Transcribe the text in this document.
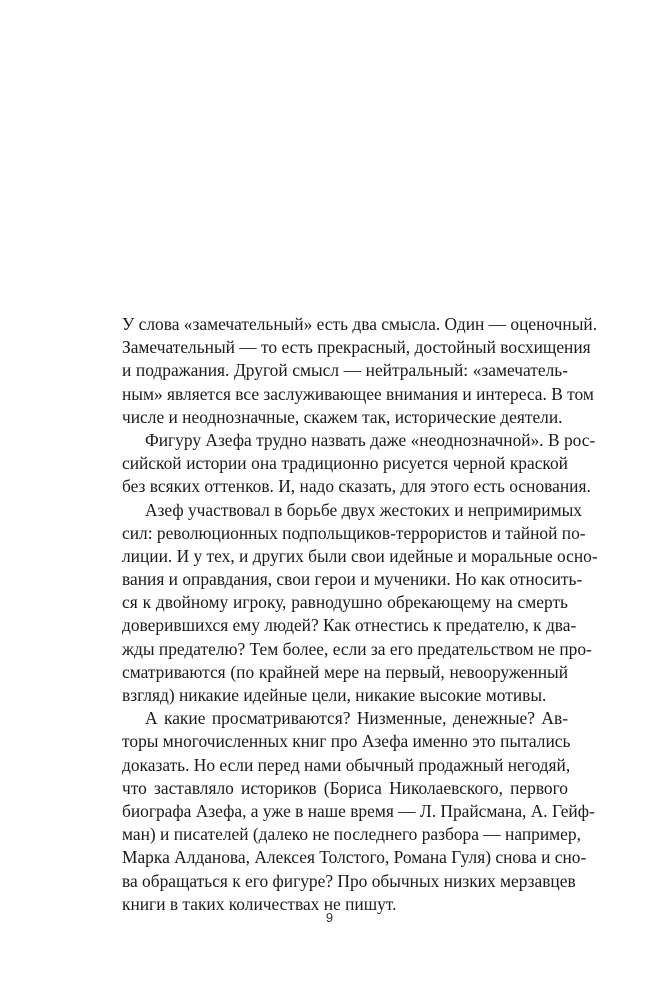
У слова «замечательный» есть два смысла. Один — оценочный.
Замечательный — то есть прекрасный, достойный восхищения
и подражания. Другой смысл — нейтральный: «замечатель-
ным» является все заслуживающее внимания и интереса. В том
числе и неоднозначные, скажем так, исторические деятели.
Фигуру Азефа трудно назвать даже «неоднозначной». В рос-
сийской истории она традиционно рисуется черной краской
без всяких оттенков. И, надо сказать, для этого есть основания.
Азеф участвовал в борьбе двух жестоких и непримиримых
сил: революционных подпольщиков-террористов и тайной по-
лиции. И у тех, и других были свои идейные и моральные осно-
вания и оправдания, свои герои и мученики. Но как относить-
ся к двойному игроку, равнодушно обрекающему на смерть
доверившихся ему людей? Как отнестись к предателю, к два-
жды предателю? Тем более, если за его предательством не про-
сматриваются (по крайней мере на первый, невооруженный
взгляд) никакие идейные цели, никакие высокие мотивы.
А какие просматриваются? Низменные, денежные? Ав-
торы многочисленных книг про Азефа именно это пытались
доказать. Но если перед нами обычный продажный негодяй,
что заставляло историков (Бориса Николаевского, первого
биографа Азефа, а уже в наше время — Л. Прайсмана, А. Гейф-
ман) и писателей (далеко не последнего разбора — например,
Марка Алданова, Алексея Толстого, Романа Гуля) снова и сно-
ва обращаться к его фигуре? Про обычных низких мерзавцев
книги в таких количествах не пишут.
9
